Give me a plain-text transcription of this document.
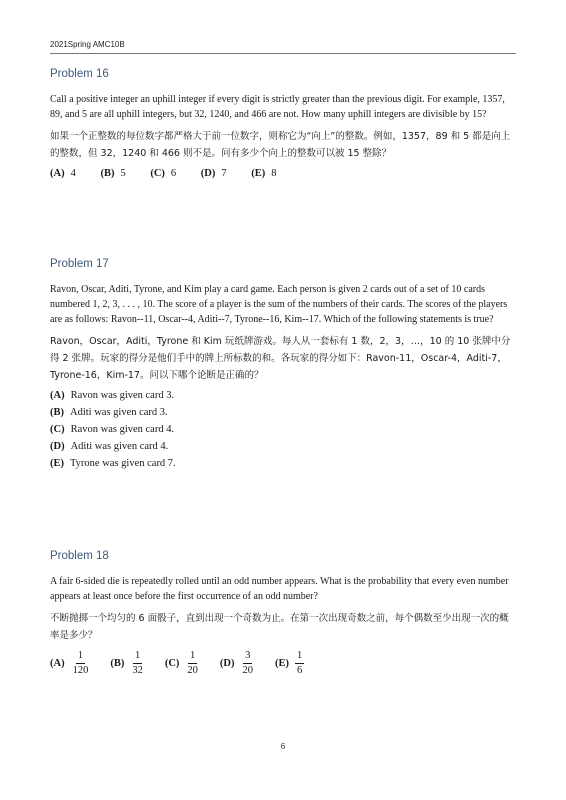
2021Spring AMC10B
Problem 16

Call a positive integer an uphill integer if every digit is strictly greater than the previous digit. For example, 1357, 89, and 5 are all uphill integers, but 32, 1240, and 466 are not. How many uphill integers are divisible by 15?

如果一个正整数的每位数字都严格大于前一位数字，则称它为“向上”的整数。例如，1357，89 和 5 都是向上的整数，但 32，1240 和 466 则不是。问有多少个向上的整数可以被 15 整除？

(A) 4 (B) 5 (C) 6 (D) 7 (E) 8
Problem 17

Ravon, Oscar, Aditi, Tyrone, and Kim play a card game. Each person is given 2 cards out of a set of 10 cards numbered 1, 2, 3, . . . , 10. The score of a player is the sum of the numbers of their cards. The scores of the players are as follows: Ravon--11, Oscar--4, Aditi--7, Tyrone--16, Kim--17. Which of the following statements is true?

Ravon，Oscar，Aditi，Tyrone 和 Kim 玩纸牌游戏。每人从一套标有 1 数，2，3，…，10 的 10 张牌中分得 2 张牌。玩家的得分是他们手中的牌上所标数的和。各玩家的得分如下：Ravon-11，Oscar-4，Aditi-7，Tyrone-16，Kim-17。问以下哪个论断是正确的？

(A) Ravon was given card 3.
(B) Aditi was given card 3.
(C) Ravon was given card 4.
(D) Aditi was given card 4.
(E) Tyrone was given card 7.
Problem 18

A fair 6-sided die is repeatedly rolled until an odd number appears. What is the probability that every even number appears at least once before the first occurrence of an odd number?

不断抛掷一个均匀的 6 面骰子，直到出现一个奇数为止。在第一次出现奇数之前，每个偶数至少出现一次的概率是多少？

$(A) \frac{1}{120} (B) \frac{1}{32} (C) \frac{1}{20} (D) \frac{3}{20} (E) \frac{1}{6}$
6
